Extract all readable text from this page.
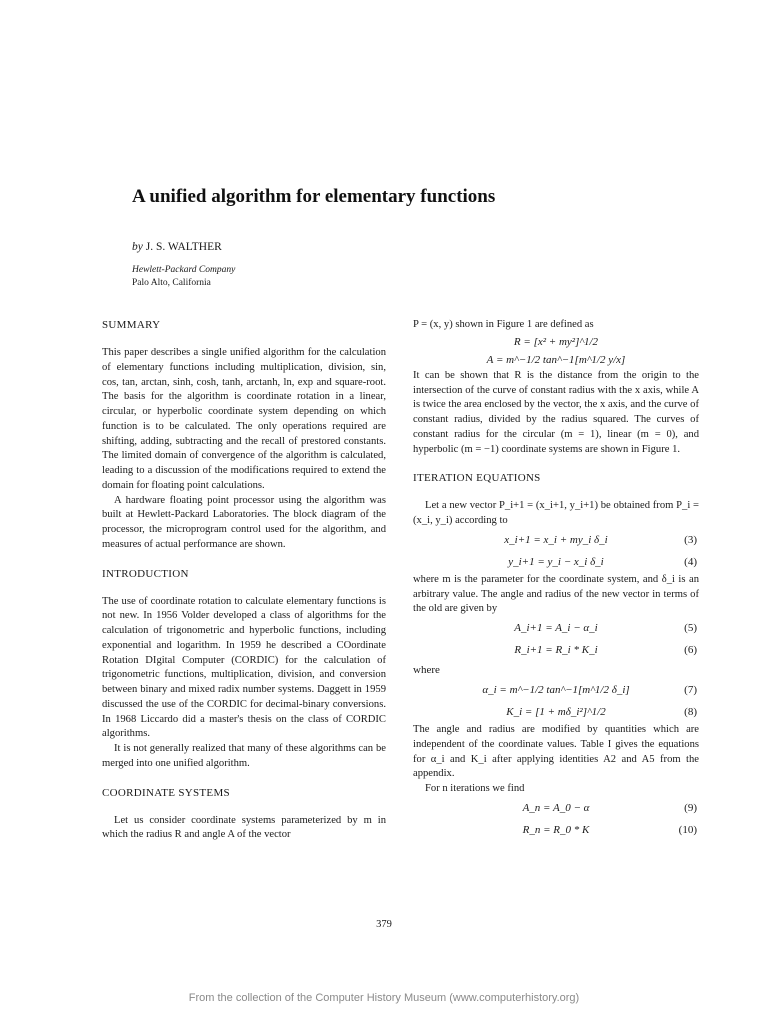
A unified algorithm for elementary functions
by J. S. WALTHER
Hewlett-Packard Company
Palo Alto, California
SUMMARY

This paper describes a single unified algorithm for the calculation of elementary functions including multiplication, division, sin, cos, tan, arctan, sinh, cosh, tanh, arctanh, ln, exp and square-root. The basis for the algorithm is coordinate rotation in a linear, circular, or hyperbolic coordinate system depending on which function is to be calculated. The only operations required are shifting, adding, subtracting and the recall of prestored constants. The limited domain of convergence of the algorithm is calculated, leading to a discussion of the modifications required to extend the domain for floating point calculations.

A hardware floating point processor using the algorithm was built at Hewlett-Packard Laboratories. The block diagram of the processor, the microprogram control used for the algorithm, and measures of actual performance are shown.

INTRODUCTION

The use of coordinate rotation to calculate elementary functions is not new. In 1956 Volder developed a class of algorithms for the calculation of trigonometric and hyperbolic functions, including exponential and logarithm. In 1959 he described a COordinate Rotation DIgital Computer (CORDIC) for the calculation of trigonometric functions, multiplication, division, and conversion between binary and mixed radix number systems. Daggett in 1959 discussed the use of the CORDIC for decimal-binary conversions. In 1968 Liccardo did a master's thesis on the class of CORDIC algorithms.

It is not generally realized that many of these algorithms can be merged into one unified algorithm.

COORDINATE SYSTEMS

Let us consider coordinate systems parameterized by m in which the radius R and angle A of the vector

P = (x, y) shown in Figure 1 are defined as

R = [x² + my²]^1/2
A = m^−1/2 tan^−1[m^1/2 y/x]

It can be shown that R is the distance from the origin to the intersection of the curve of constant radius with the x axis, while A is twice the area enclosed by the vector, the x axis, and the curve of constant radius, divided by the radius squared. The curves of constant radius for the circular (m = 1), linear (m = 0), and hyperbolic (m = −1) coordinate systems are shown in Figure 1.

ITERATION EQUATIONS

Let a new vector P_i+1 = (x_i+1, y_i+1) be obtained from P_i = (x_i, y_i) according to

x_i+1 = x_i + my_i δ_i	(3)
y_i+1 = y_i − x_i δ_i	(4)

where m is the parameter for the coordinate system, and δ_i is an arbitrary value. The angle and radius of the new vector in terms of the old are given by

A_i+1 = A_i − α_i	(5)
R_i+1 = R_i * K_i	(6)
where
α_i = m^−1/2 tan^−1[m^1/2 δ_i]	(7)
K_i = [1 + mδ_i²]^1/2	(8)

The angle and radius are modified by quantities which are independent of the coordinate values. Table I gives the equations for α_i and K_i after applying identities A2 and A5 from the appendix.

For n iterations we find

A_n = A_0 − α	(9)
R_n = R_0 * K	(10)
379
From the collection of the Computer History Museum (www.computerhistory.org)
